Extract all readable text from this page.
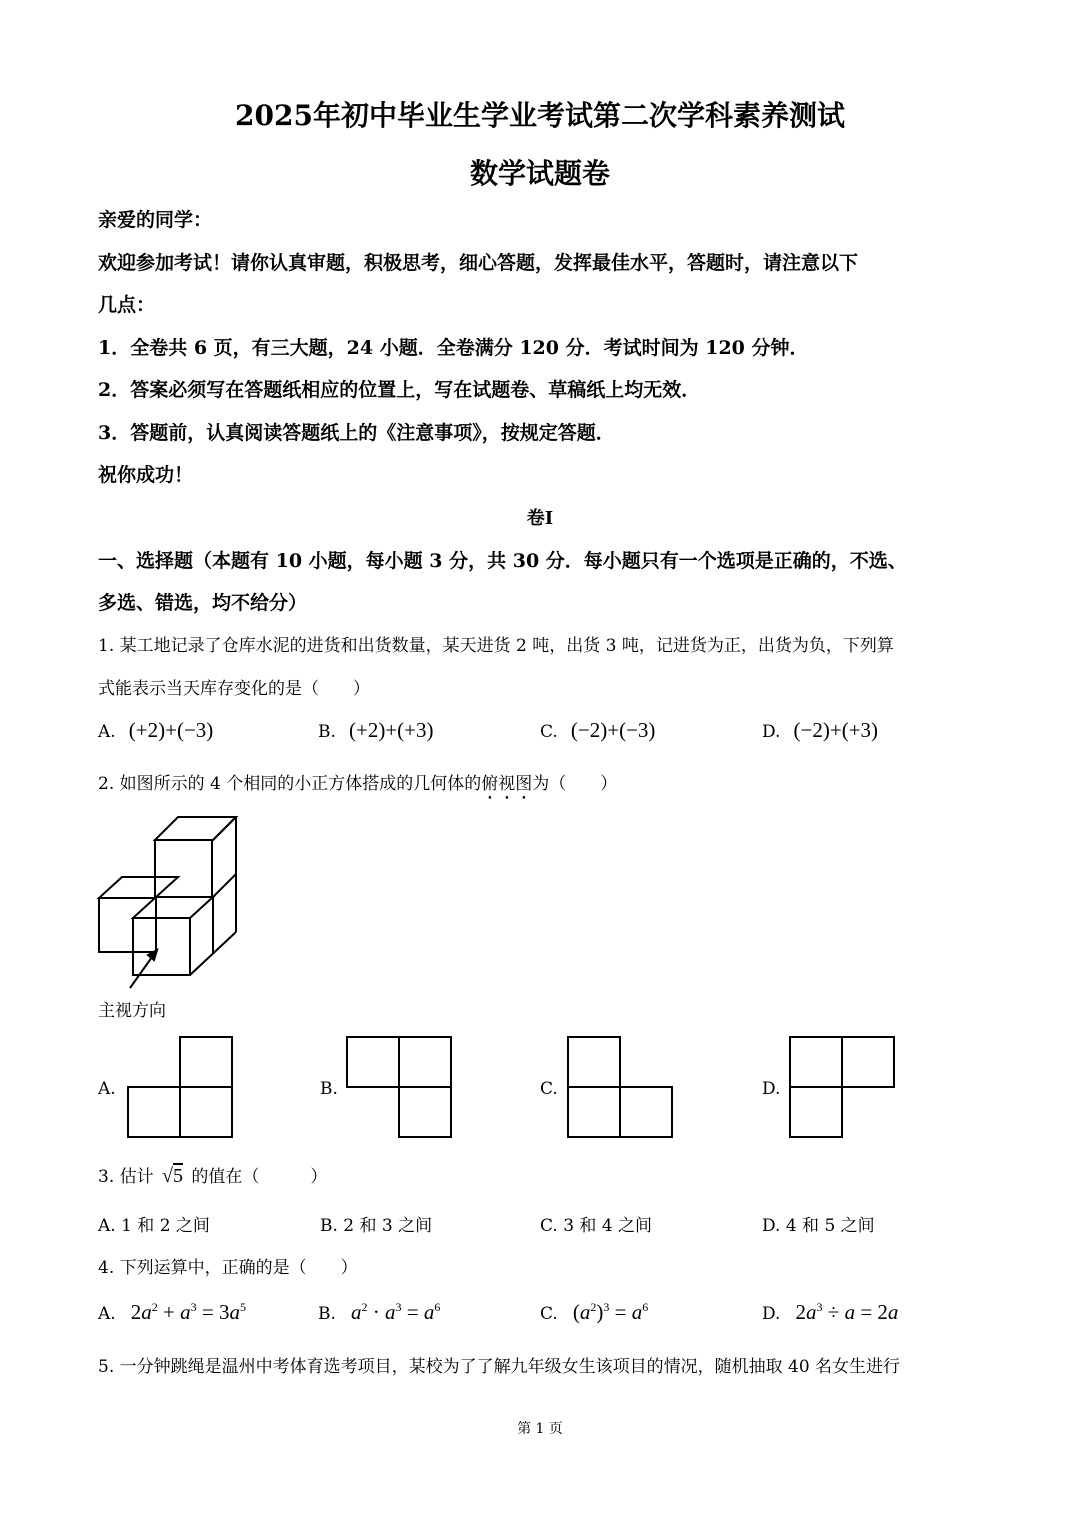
2025年初中毕业生学业考试第二次学科素养测试
数学试题卷
亲爱的同学：
欢迎参加考试！请你认真审题，积极思考，细心答题，发挥最佳水平，答题时，请注意以下
几点：
1．全卷共 6 页，有三大题，24 小题．全卷满分 120 分．考试时间为 120 分钟．
2．答案必须写在答题纸相应的位置上，写在试题卷、草稿纸上均无效．
3．答题前，认真阅读答题纸上的《注意事项》，按规定答题．
祝你成功！
卷I
一、选择题（本题有 10 小题，每小题 3 分，共 30 分．每小题只有一个选项是正确的，不选、
多选、错选，均不给分）
1. 某工地记录了仓库水泥的进货和出货数量，某天进货 2 吨，出货 3 吨，记进货为正，出货为负，下列算
式能表示当天库存变化的是（　　）
A. (+2)+(−3)	B. (+2)+(+3)	C. (−2)+(−3)	D. (−2)+(+3)
2. 如图所示的 4 个相同的小正方体搭成的几何体的俯视图为（　　）
主视方向
A.	B.	C.	D.
3. 估计 √5 的值在（　　　）
A. 1 和 2 之间	B. 2 和 3 之间	C. 3 和 4 之间	D. 4 和 5 之间
4. 下列运算中，正确的是（　　）
A. $2a^2 + a^3 = 3a^5$	B. $a^2 \cdot a^3 = a^6$	C. $(a^2)^3 = a^6$	D. $2a^3 \div a = 2a$
5. 一分钟跳绳是温州中考体育选考项目，某校为了了解九年级女生该项目的情况，随机抽取 40 名女生进行
第 1 页
